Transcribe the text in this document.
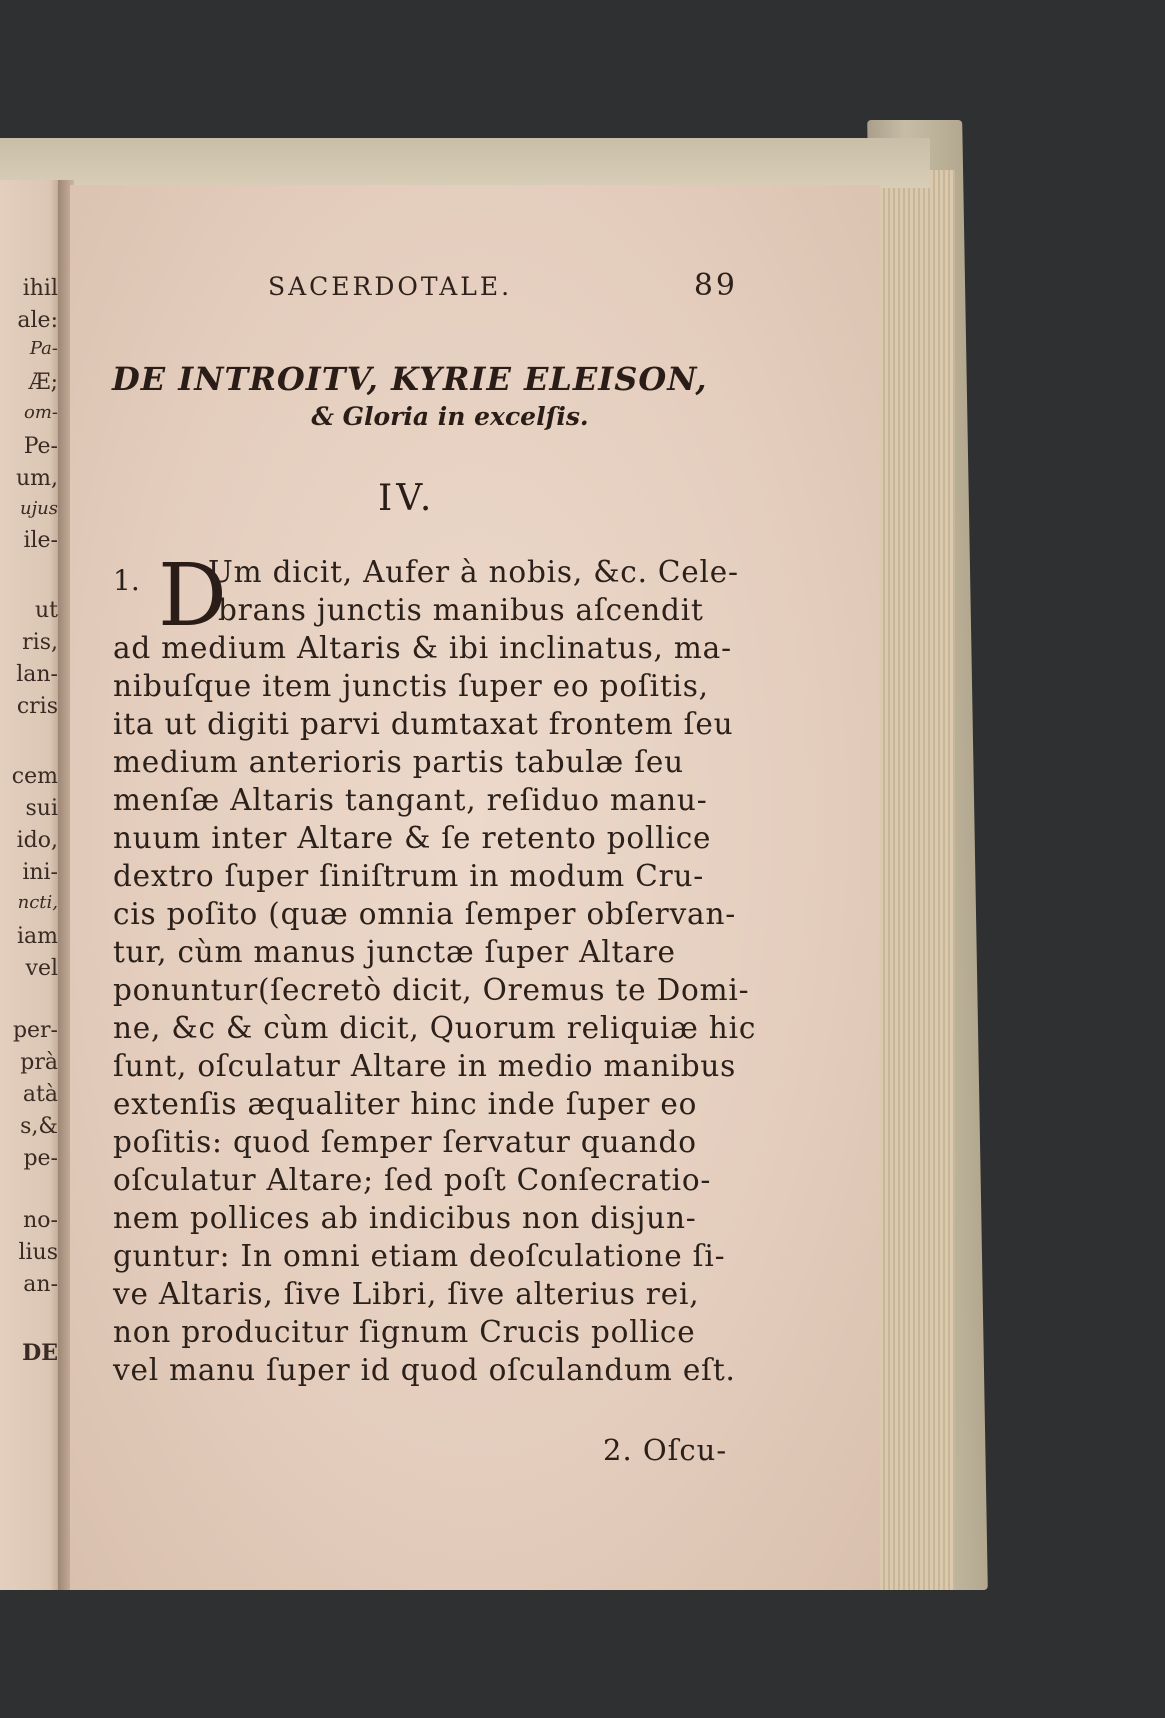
ihil
ale:
Pa-
Æ;
om-
Pe-
um,
ujus
ile-
ut
ris,
lan-
cris
cem
sui
ido,
ini-
ncti,
iam
vel
per-
prà
atà
s,&
pe-
no-
lius
an-
DE
SACERDOTALE.	89
DE INTROITV, KYRIE ELEISON,
& Gloria in excelſis.
IV.
1. D
Um dicit, Aufer à nobis, &c. Cele-
brans junctis manibus aſcendit
ad medium Altaris & ibi inclinatus, ma-
nibuſque item junctis ſuper eo poſitis,
ita ut digiti parvi dumtaxat frontem ſeu
medium anterioris partis tabulæ ſeu
menſæ Altaris tangant, reſiduo manu-
nuum inter Altare & ſe retento pollice
dextro ſuper ſiniſtrum in modum Cru-
cis poſito (quæ omnia ſemper obſervan-
tur, cùm manus junctæ ſuper Altare
ponuntur(ſecretò dicit, Oremus te Domi-
ne, &c & cùm dicit, Quorum reliquiæ hic
ſunt, oſculatur Altare in medio manibus
extenſis æqualiter hinc inde ſuper eo
poſitis: quod ſemper ſervatur quando
oſculatur Altare; ſed poſt Conſecratio-
nem pollices ab indicibus non disjun-
guntur: In omni etiam deoſculatione ſi-
ve Altaris, ſive Libri, ſive alterius rei,
non producitur ſignum Crucis pollice
vel manu ſuper id quod oſculandum eſt.
2. Oſcu-
